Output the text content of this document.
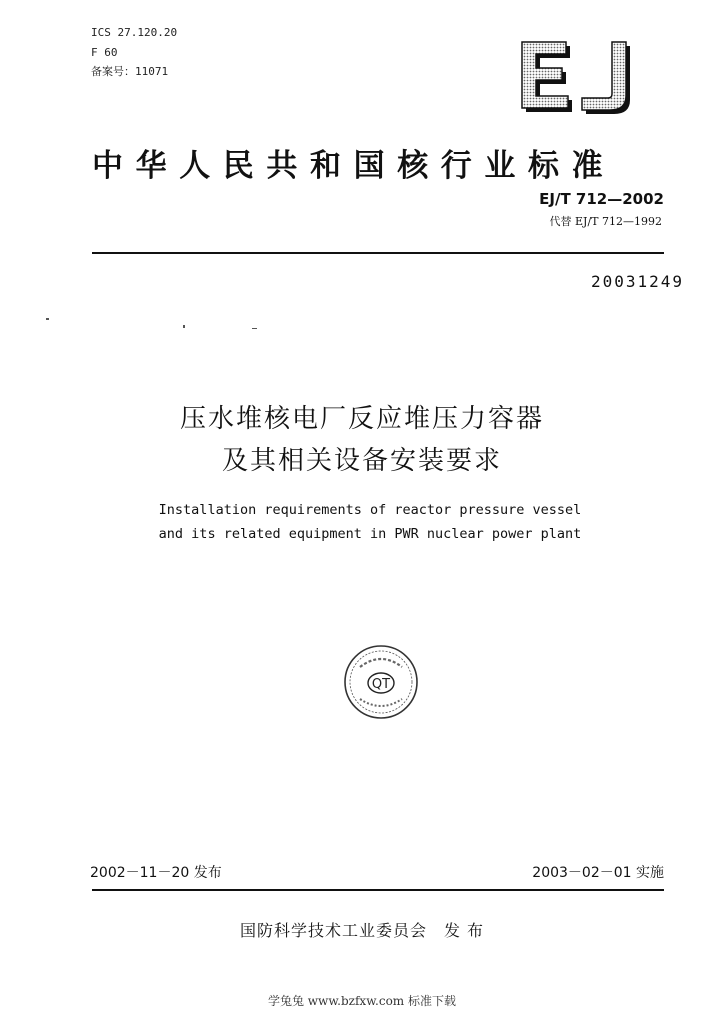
ICS 27.120.20
F 60
备案号：11071
中华人民共和国核行业标准
EJ/T 712—2002
代替 EJ/T 712—1992
20031249
压水堆核电厂反应堆压力容器
及其相关设备安装要求
Installation requirements of reactor pressure vessel
and its related equipment in PWR nuclear power plant
QT
2002－11－20 发布	2003－02－01 实施
国防科学技术工业委员会　发 布
学兔兔 www.bzfxw.com 标准下载
